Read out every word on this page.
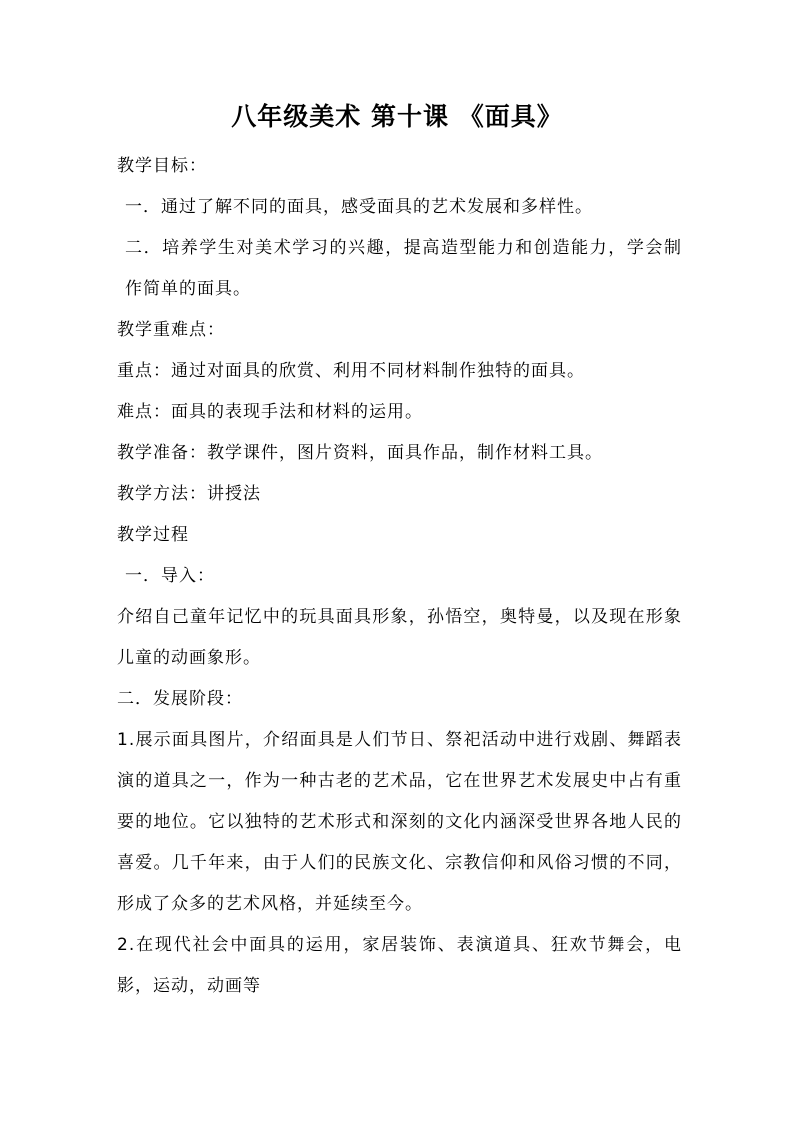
八年级美术 第十课 《面具》

教学目标：

一．通过了解不同的面具，感受面具的艺术发展和多样性。

二．培养学生对美术学习的兴趣，提高造型能力和创造能力，学会制作简单的面具。

教学重难点：

重点：通过对面具的欣赏、利用不同材料制作独特的面具。

难点：面具的表现手法和材料的运用。

教学准备：教学课件，图片资料，面具作品，制作材料工具。

教学方法：讲授法

教学过程

一．导入：

介绍自己童年记忆中的玩具面具形象，孙悟空，奥特曼，以及现在形象儿童的动画象形。

二．发展阶段：

1.展示面具图片，介绍面具是人们节日、祭祀活动中进行戏剧、舞蹈表演的道具之一，作为一种古老的艺术品，它在世界艺术发展史中占有重要的地位。它以独特的艺术形式和深刻的文化内涵深受世界各地人民的喜爱。几千年来，由于人们的民族文化、宗教信仰和风俗习惯的不同，形成了众多的艺术风格，并延续至今。

2.在现代社会中面具的运用，家居装饰、表演道具、狂欢节舞会，电影，运动，动画等
